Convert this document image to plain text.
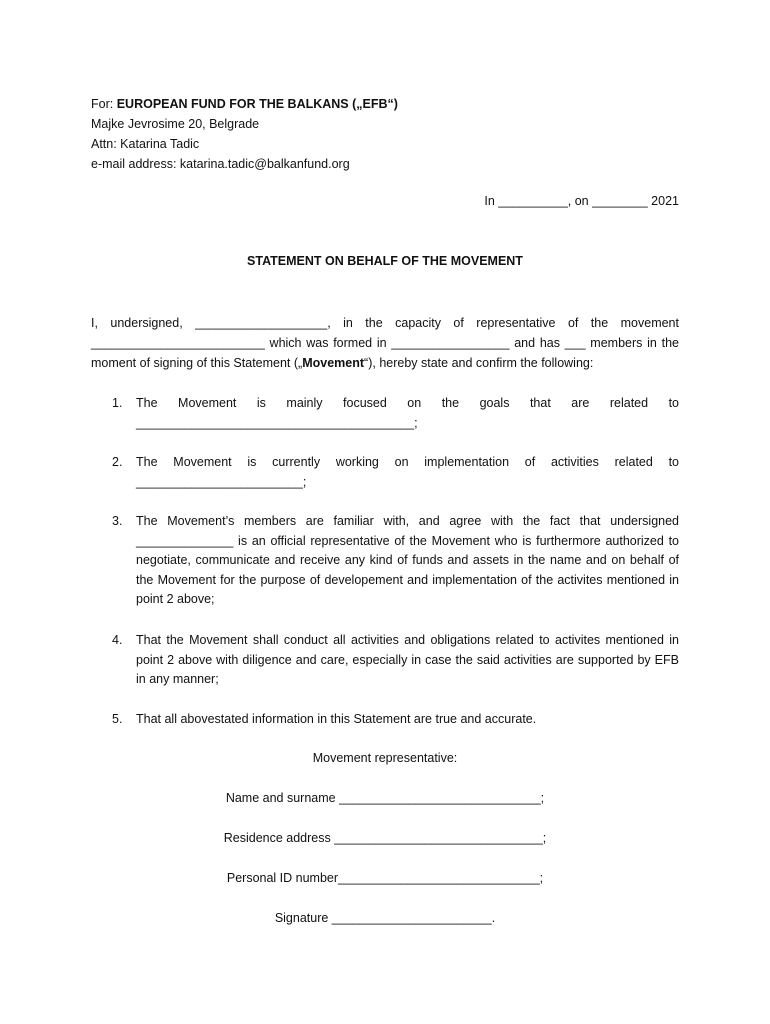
For: EUROPEAN FUND FOR THE BALKANS („EFB“)
Majke Jevrosime 20, Belgrade
Attn: Katarina Tadic
e-mail address: katarina.tadic@balkanfund.org
In __________, on ________ 2021
STATEMENT ON BEHALF OF THE MOVEMENT
I, undersigned, ___________________, in the capacity of representative of the movement _________________________ which was formed in _________________ and has ___ members in the moment of signing of this Statement („Movement“), hereby state and confirm the following:
1. The Movement is mainly focused on the goals that are related to
________________________________________;
2. The Movement is currently working on implementation of activities related to
________________________;
3. The Movement’s members are familiar with, and agree with the fact that undersigned ______________ is an official representative of the Movement who is furthermore authorized to negotiate, communicate and receive any kind of funds and assets in the name and on behalf of the Movement for the purpose of developement and implementation of the activites mentioned in point 2 above;
4. That the Movement shall conduct all activities and obligations related to activites mentioned in point 2 above with diligence and care, especially in case the said activities are supported by EFB in any manner;
5. That all abovestated information in this Statement are true and accurate.
Movement representative:
Name and surname _____________________________;
Residence address ______________________________;
Personal ID number_____________________________;
Signature _______________________.
